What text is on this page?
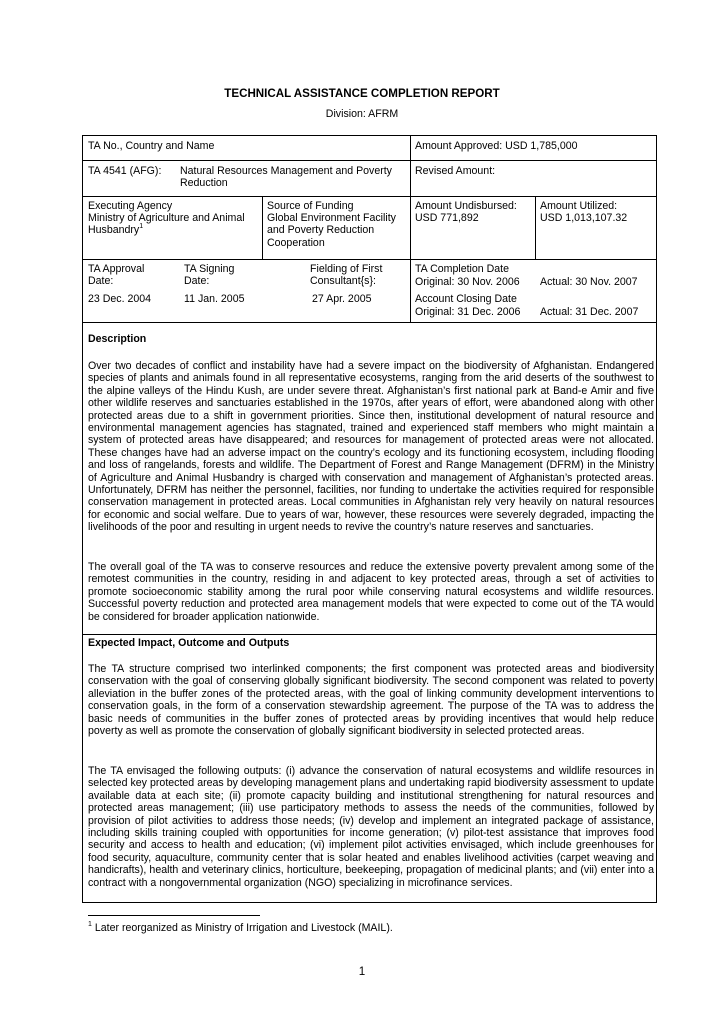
TECHNICAL ASSISTANCE COMPLETION REPORT
Division: AFRM
TA No., Country and Name	Amount Approved: USD 1,785,000
TA 4541 (AFG): Natural Resources Management and Poverty Reduction
Revised Amount:
Executing Agency
Ministry of Agriculture and Animal Husbandry$^1$
Source of Funding
Global Environment Facility and Poverty Reduction Cooperation
Amount Undisbursed:
USD 771,892
Amount Utilized:
USD 1,013,107.32
TA Approval
Date:
23 Dec. 2004
TA Signing
Date:
11 Jan. 2005
Fielding of First
Consultant{s}:
27 Apr. 2005
TA Completion Date
Original: 30 Nov. 2006 Actual: 30 Nov. 2007
Account Closing Date
Original: 31 Dec. 2006 Actual: 31 Dec. 2007
Description
Over two decades of conflict and instability have had a severe impact on the biodiversity of Afghanistan. Endangered species of plants and animals found in all representative ecosystems, ranging from the arid deserts of the southwest to the alpine valleys of the Hindu Kush, are under severe threat. Afghanistan’s first national park at Band-e Amir and five other wildlife reserves and sanctuaries established in the 1970s, after years of effort, were abandoned along with other protected areas due to a shift in government priorities. Since then, institutional development of natural resource and environmental management agencies has stagnated, trained and experienced staff members who might maintain a system of protected areas have disappeared; and resources for management of protected areas were not allocated. These changes have had an adverse impact on the country’s ecology and its functioning ecosystem, including flooding and loss of rangelands, forests and wildlife. The Department of Forest and Range Management (DFRM) in the Ministry of Agriculture and Animal Husbandry is charged with conservation and management of Afghanistan’s protected areas. Unfortunately, DFRM has neither the personnel, facilities, nor funding to undertake the activities required for responsible conservation management in protected areas. Local communities in Afghanistan rely very heavily on natural resources for economic and social welfare. Due to years of war, however, these resources were severely degraded, impacting the livelihoods of the poor and resulting in urgent needs to revive the country’s nature reserves and sanctuaries.
The overall goal of the TA was to conserve resources and reduce the extensive poverty prevalent among some of the remotest communities in the country, residing in and adjacent to key protected areas, through a set of activities to promote socioeconomic stability among the rural poor while conserving natural ecosystems and wildlife resources. Successful poverty reduction and protected area management models that were expected to come out of the TA would be considered for broader application nationwide.
Expected Impact, Outcome and Outputs
The TA structure comprised two interlinked components; the first component was protected areas and biodiversity conservation with the goal of conserving globally significant biodiversity. The second component was related to poverty alleviation in the buffer zones of the protected areas, with the goal of linking community development interventions to conservation goals, in the form of a conservation stewardship agreement. The purpose of the TA was to address the basic needs of communities in the buffer zones of protected areas by providing incentives that would help reduce poverty as well as promote the conservation of globally significant biodiversity in selected protected areas.
The TA envisaged the following outputs: (i) advance the conservation of natural ecosystems and wildlife resources in selected key protected areas by developing management plans and undertaking rapid biodiversity assessment to update available data at each site; (ii) promote capacity building and institutional strengthening for natural resources and protected areas management; (iii) use participatory methods to assess the needs of the communities, followed by provision of pilot activities to address those needs; (iv) develop and implement an integrated package of assistance, including skills training coupled with opportunities for income generation; (v) pilot-test assistance that improves food security and access to health and education; (vi) implement pilot activities envisaged, which include greenhouses for food security, aquaculture, community center that is solar heated and enables livelihood activities (carpet weaving and handicrafts), health and veterinary clinics, horticulture, beekeeping, propagation of medicinal plants; and (vii) enter into a contract with a nongovernmental organization (NGO) specializing in microfinance services.
$^1$ Later reorganized as Ministry of Irrigation and Livestock (MAIL).
1
